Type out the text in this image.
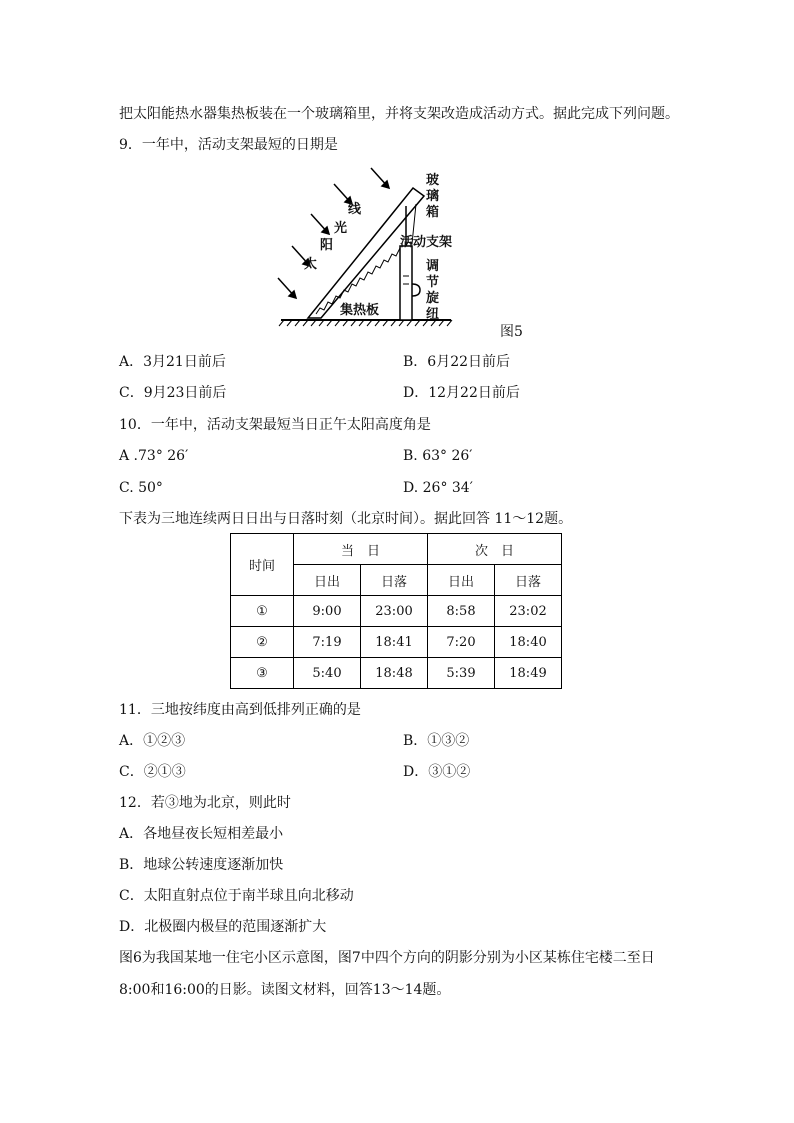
把太阳能热水器集热板装在一个玻璃箱里，并将支架改造成活动方式。据此完成下列问题。
9．一年中，活动支架最短的日期是
太
阳
光
线
玻
璃
箱
活动支架
调
节
旋
纽
集热板
图5
A．3月21日前后	B．6月22日前后
C．9月23日前后	D．12月22日前后
10．一年中，活动支架最短当日正午太阳高度角是
A .73° 26′	B. 63° 26′
C. 50°	D. 26° 34′
下表为三地连续两日日出与日落时刻（北京时间）。据此回答 11～12题。
时间	当　日		次　日	
	日出	日落	日出	日落
①	9:00	23:00	8:58	23:02
②	7:19	18:41	7:20	18:40
③	5:40	18:48	5:39	18:49
11．三地按纬度由高到低排列正确的是
A．①②③	B．①③②
C．②①③	D．③①②
12．若③地为北京，则此时
A．各地昼夜长短相差最小
B．地球公转速度逐渐加快
C．太阳直射点位于南半球且向北移动
D．北极圈内极昼的范围逐渐扩大
图6为我国某地一住宅小区示意图，图7中四个方向的阴影分别为小区某栋住宅楼二至日
8:00和16:00的日影。读图文材料，回答13～14题。
